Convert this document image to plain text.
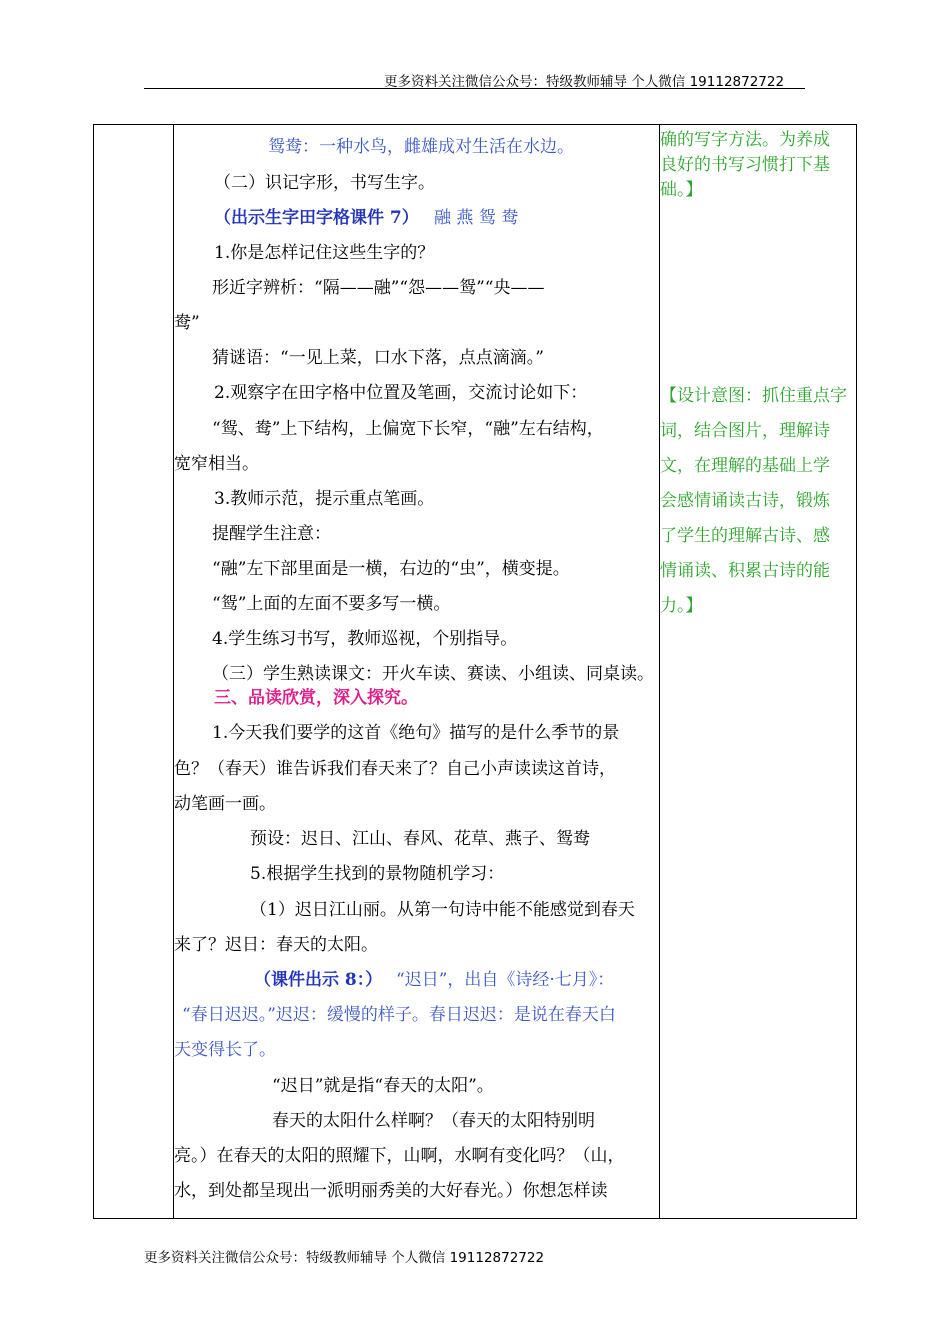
更多资料关注微信公众号：特级教师辅导 个人微信 19112872722
鸳鸯：一种水鸟，雌雄成对生活在水边。
（二）识记字形，书写生字。
（出示生字田字格课件 7） 融 燕 鸳 鸯
1.你是怎样记住这些生字的？
形近字辨析：“隔——融”“怨——鸳”“央——
鸯”
猜谜语：“一见上菜，口水下落，点点滴滴。”
2.观察字在田字格中位置及笔画，交流讨论如下：
“鸳、鸯”上下结构，上偏宽下长窄，“融”左右结构，
宽窄相当。
3.教师示范，提示重点笔画。
提醒学生注意：
“融”左下部里面是一横，右边的“虫”，横变提。
“鸳”上面的左面不要多写一横。
4.学生练习书写，教师巡视，个别指导。
（三）学生熟读课文：开火车读、赛读、小组读、同桌读。
三、品读欣赏，深入探究。
1.今天我们要学的这首《绝句》描写的是什么季节的景
色？（春天）谁告诉我们春天来了？自己小声读读这首诗，
动笔画一画。
预设：迟日、江山、春风、花草、燕子、鸳鸯
5.根据学生找到的景物随机学习：
（1）迟日江山丽。从第一句诗中能不能感觉到春天
来了？迟日：春天的太阳。
（课件出示 8：） “迟日”，出自《诗经·七月》：
“春日迟迟。”迟迟：缓慢的样子。春日迟迟：是说在春天白
天变得长了。
“迟日”就是指“春天的太阳”。
春天的太阳什么样啊？（春天的太阳特别明
亮。）在春天的太阳的照耀下，山啊，水啊有变化吗？（山，
水，到处都呈现出一派明丽秀美的大好春光。）你想怎样读
确的写字方法。为养成
良好的书写习惯打下基
础。】
【设计意图：抓住重点字
词，结合图片，理解诗
文，在理解的基础上学
会感情诵读古诗，锻炼
了学生的理解古诗、感
情诵读、积累古诗的能
力。】
更多资料关注微信公众号：特级教师辅导 个人微信 19112872722
